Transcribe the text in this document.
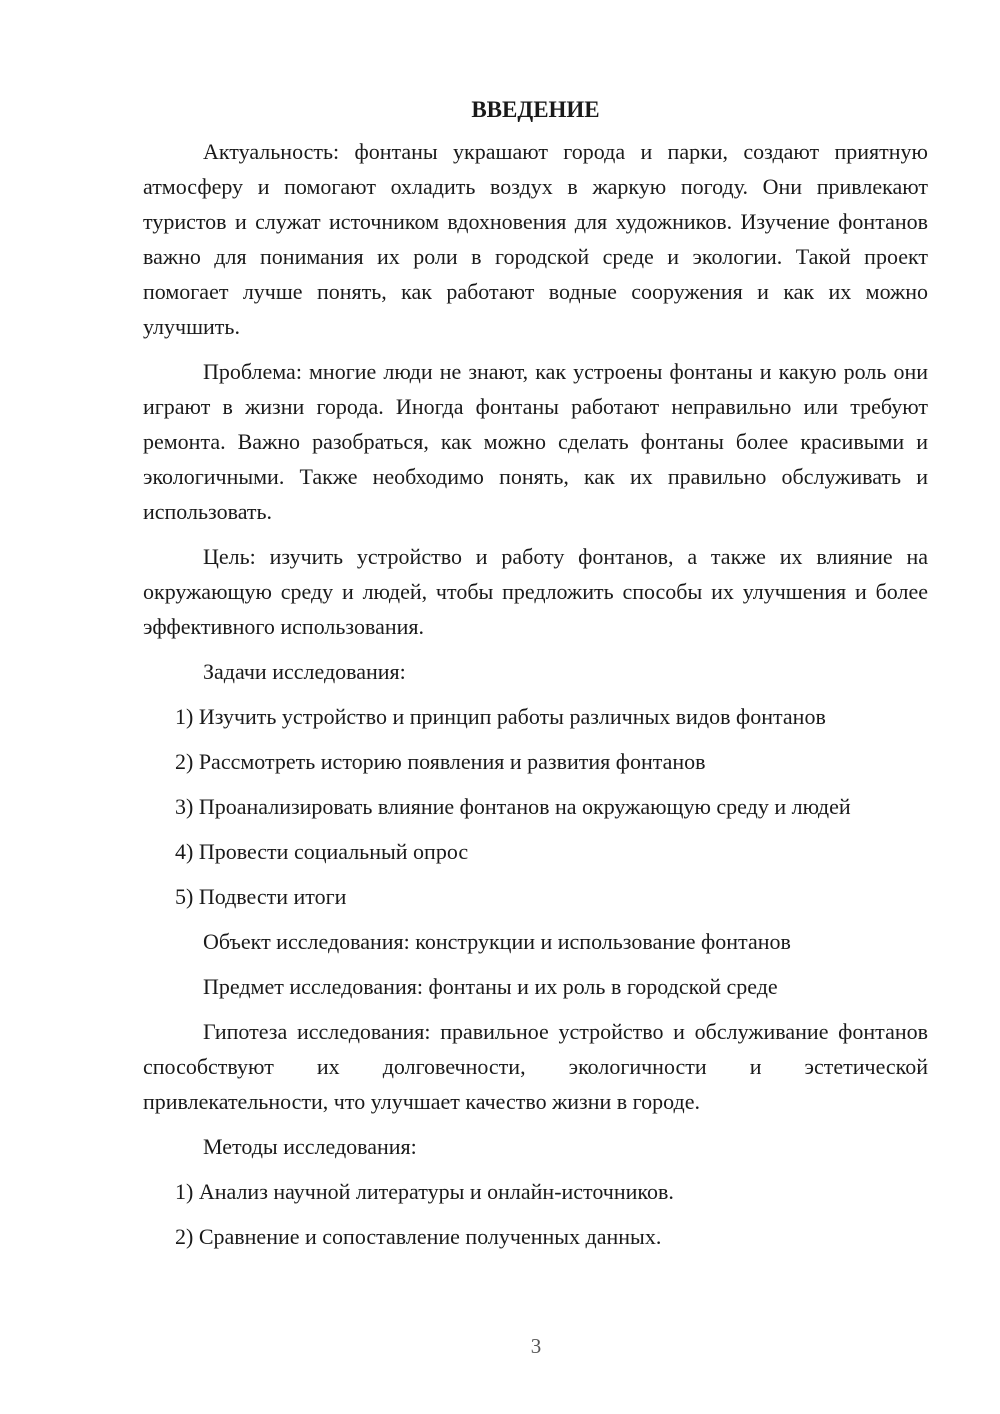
ВВЕДЕНИЕ

Актуальность: фонтаны украшают города и парки, создают приятную атмосферу и помогают охладить воздух в жаркую погоду. Они привлекают туристов и служат источником вдохновения для художников. Изучение фонтанов важно для понимания их роли в городской среде и экологии. Такой проект помогает лучше понять, как работают водные сооружения и как их можно улучшить.

Проблема: многие люди не знают, как устроены фонтаны и какую роль они играют в жизни города. Иногда фонтаны работают неправильно или требуют ремонта. Важно разобраться, как можно сделать фонтаны более красивыми и экологичными. Также необходимо понять, как их правильно обслуживать и использовать.

Цель: изучить устройство и работу фонтанов, а также их влияние на окружающую среду и людей, чтобы предложить способы их улучшения и более эффективного использования.

Задачи исследования:

1) Изучить устройство и принцип работы различных видов фонтанов

2) Рассмотреть историю появления и развития фонтанов

3) Проанализировать влияние фонтанов на окружающую среду и людей

4) Провести социальный опрос

5) Подвести итоги

Объект исследования: конструкции и использование фонтанов

Предмет исследования: фонтаны и их роль в городской среде

Гипотеза исследования: правильное устройство и обслуживание фонтанов способствуют их долговечности, экологичности и эстетической привлекательности, что улучшает качество жизни в городе.

Методы исследования:

1) Анализ научной литературы и онлайн-источников.

2) Сравнение и сопоставление полученных данных.

3
